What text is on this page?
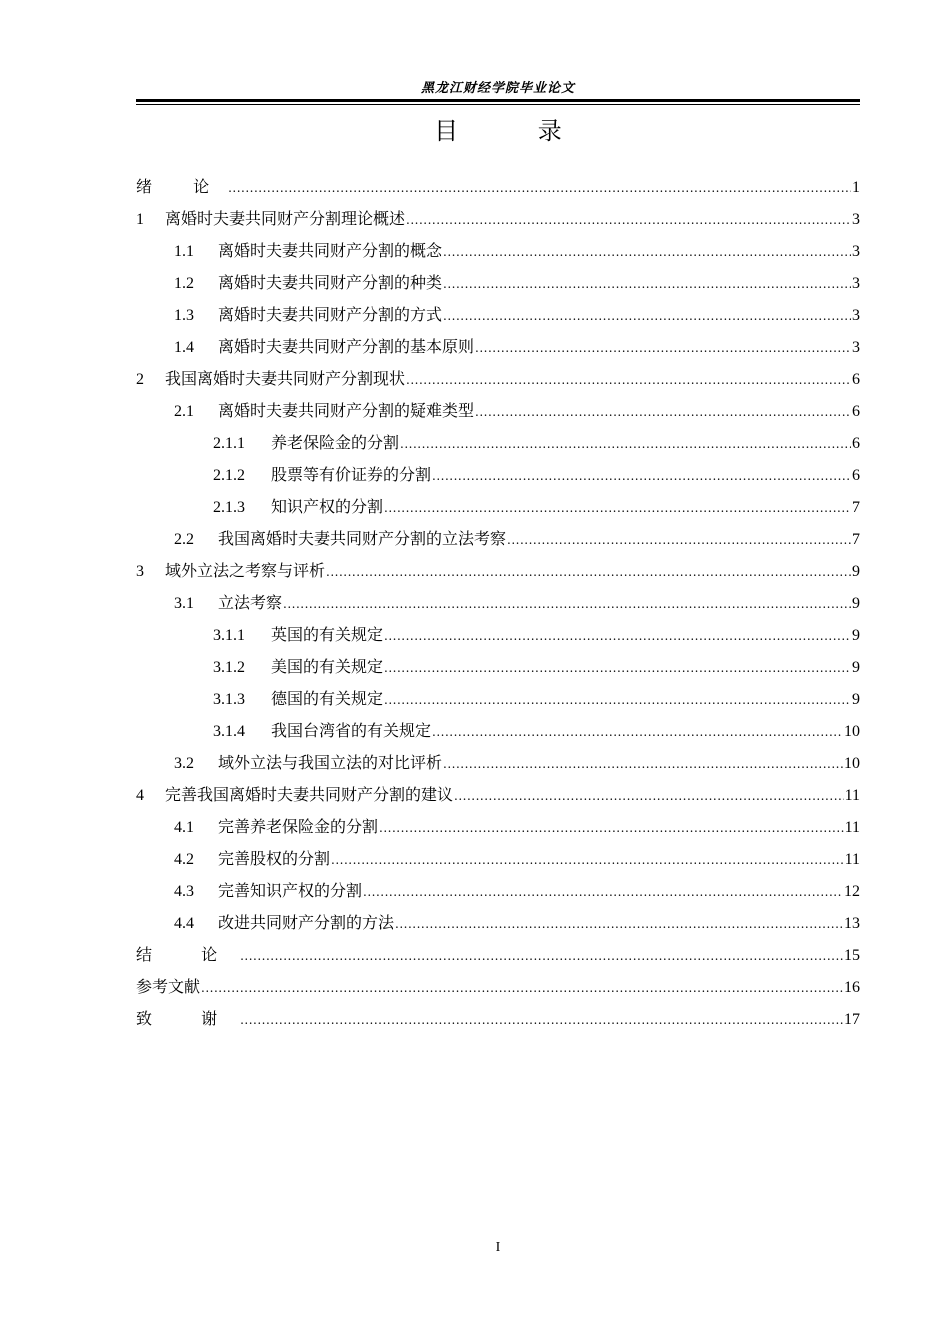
黑龙江财经学院毕业论文
目 录
绪 论 .....	1
1	离婚时夫妻共同财产分割理论概述 .....	3
1.1	离婚时夫妻共同财产分割的概念 .....	3
1.2	离婚时夫妻共同财产分割的种类 .....	3
1.3	离婚时夫妻共同财产分割的方式 .....	3
1.4	离婚时夫妻共同财产分割的基本原则 .....	3
2	我国离婚时夫妻共同财产分割现状 .....	6
2.1	离婚时夫妻共同财产分割的疑难类型 .....	6
2.1.1	养老保险金的分割 .....	6
2.1.2	股票等有价证券的分割 .....	6
2.1.3	知识产权的分割 .....	7
2.2	我国离婚时夫妻共同财产分割的立法考察 .....	7
3	域外立法之考察与评析 .....	9
3.1	立法考察 .....	9
3.1.1	英国的有关规定 .....	9
3.1.2	美国的有关规定 .....	9
3.1.3	德国的有关规定 .....	9
3.1.4	我国台湾省的有关规定 .....	10
3.2	域外立法与我国立法的对比评析 .....	10
4	完善我国离婚时夫妻共同财产分割的建议 .....	11
4.1	完善养老保险金的分割 .....	11
4.2	完善股权的分割 .....	11
4.3	完善知识产权的分割 .....	12
4.4	改进共同财产分割的方法 .....	13
结 论 .....	15
参考文献 .....	16
致 谢 .....	17
I
